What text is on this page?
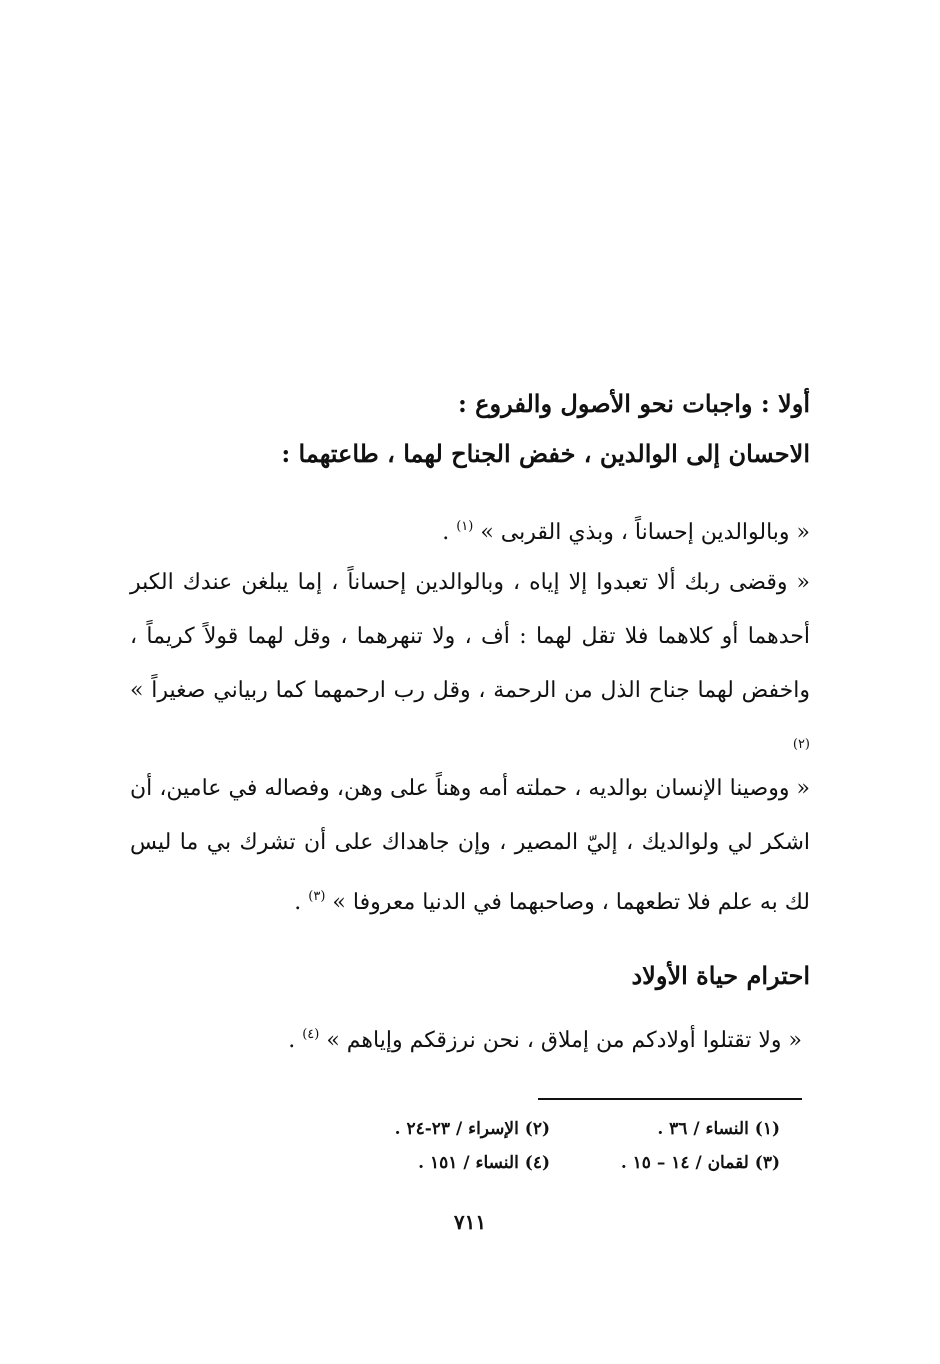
أولا : واجبات نحو الأصول والفروع :
الاحسان إلى الوالدين ، خفض الجناح لهما ، طاعتهما :
« وبالوالدين إحساناً ، وبذي القربى » $^{(١)}$ .
« وقضى ربك ألا تعبدوا إلا إياه ، وبالوالدين إحساناً ، إما يبلغن عندك الكبر أحدهما أو كلاهما فلا تقل لهما : أف ، ولا تنهرهما ، وقل لهما قولاً كريماً ، واخفض لهما جناح الذل من الرحمة ، وقل رب ارحمهما كما ربياني صغيراً » $^{(٢)}$
« ووصينا الإنسان بوالديه ، حملته أمه وهناً على وهن، وفصاله في عامين، أن اشكر لي ولوالديك ، إليّ المصير ، وإن جاهداك على أن تشرك بي ما ليس لك به علم فلا تطعهما ، وصاحبهما في الدنيا معروفا » $^{(٣)}$ .
احترام حياة الأولاد
« ولا تقتلوا أولادكم من إملاق ، نحن نرزقكم وإياهم » $^{(٤)}$ .
(١) النساء / ٣٦ .
(٢) الإسراء / ٢٣-٢٤ .
(٣) لقمان / ١٤ – ١٥ .
(٤) النساء / ١٥١ .
٧١١
